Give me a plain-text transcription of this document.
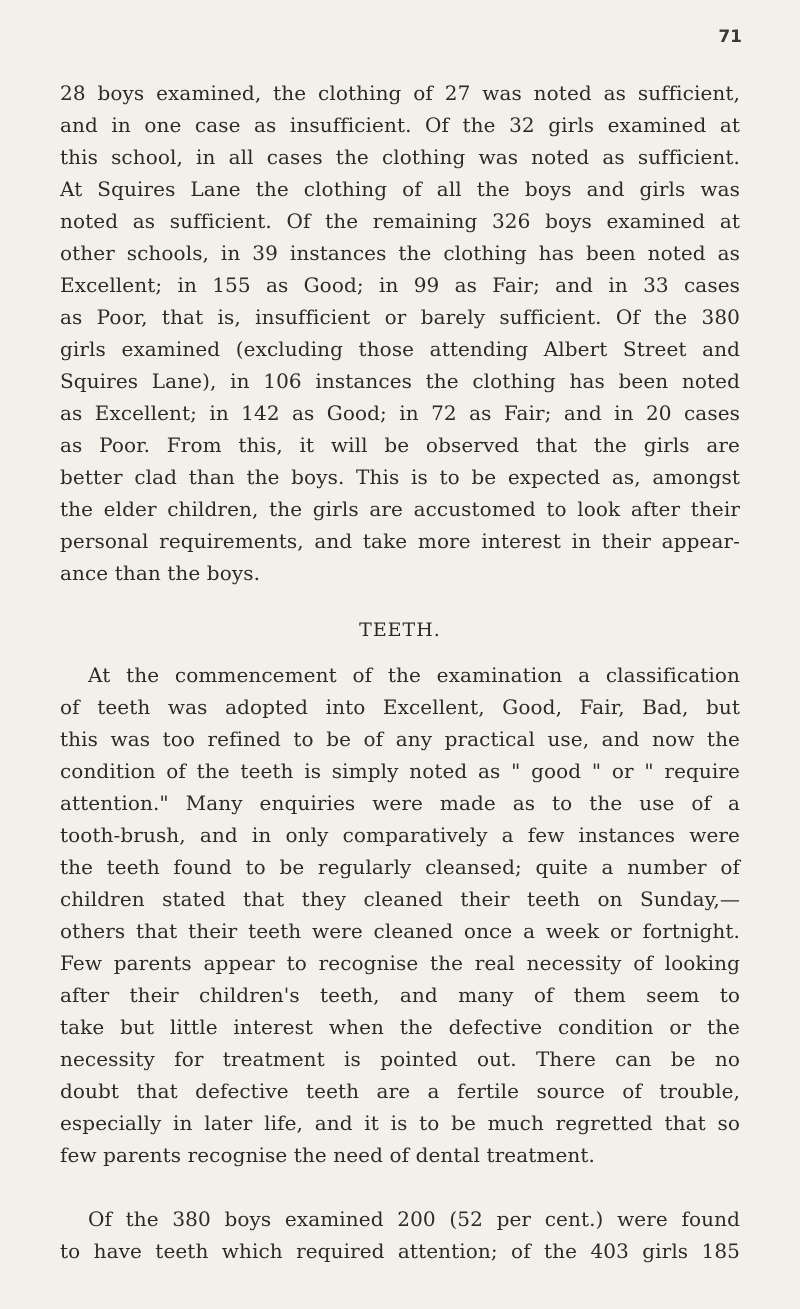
71
28 boys examined, the clothing of 27 was noted as sufficient,
and in one case as insufficient. Of the 32 girls examined at
this school, in all cases the clothing was noted as sufficient.
At Squires Lane the clothing of all the boys and girls was
noted as sufficient. Of the remaining 326 boys examined at
other schools, in 39 instances the clothing has been noted as
Excellent; in 155 as Good; in 99 as Fair; and in 33 cases
as Poor, that is, insufficient or barely sufficient. Of the 380
girls examined (excluding those attending Albert Street and
Squires Lane), in 106 instances the clothing has been noted
as Excellent; in 142 as Good; in 72 as Fair; and in 20 cases
as Poor. From this, it will be observed that the girls are
better clad than the boys. This is to be expected as, amongst
the elder children, the girls are accustomed to look after their
personal requirements, and take more interest in their appear-
ance than the boys.
TEETH.
At the commencement of the examination a classification
of teeth was adopted into Excellent, Good, Fair, Bad, but
this was too refined to be of any practical use, and now the
condition of the teeth is simply noted as " good " or " require
attention." Many enquiries were made as to the use of a
tooth-brush, and in only comparatively a few instances were
the teeth found to be regularly cleansed; quite a number of
children stated that they cleaned their teeth on Sunday,—
others that their teeth were cleaned once a week or fortnight.
Few parents appear to recognise the real necessity of looking
after their children's teeth, and many of them seem to
take but little interest when the defective condition or the
necessity for treatment is pointed out. There can be no
doubt that defective teeth are a fertile source of trouble,
especially in later life, and it is to be much regretted that so
few parents recognise the need of dental treatment.
Of the 380 boys examined 200 (52 per cent.) were found
to have teeth which required attention; of the 403 girls 185
